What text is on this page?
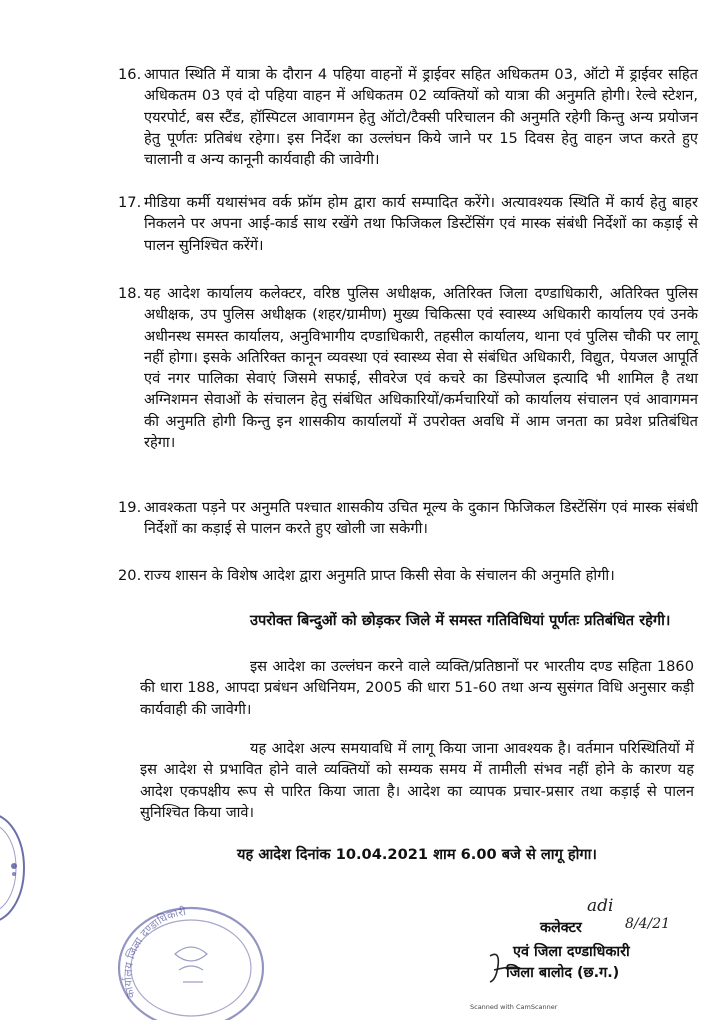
16. आपात स्थिति में यात्रा के दौरान 4 पहिया वाहनों में ड्राईवर सहित अधिकतम 03, ऑटो में ड्राईवर सहित अधिकतम 03 एवं दो पहिया वाहन में अधिकतम 02 व्यक्तियों को यात्रा की अनुमति होगी। रेल्वे स्टेशन, एयरपोर्ट, बस स्टैंड, हॉस्पिटल आवागमन हेतु ऑटो/टैक्सी परिचालन की अनुमति रहेगी किन्तु अन्य प्रयोजन हेतु पूर्णतः प्रतिबंध रहेगा। इस निर्देश का उल्लंघन किये जाने पर 15 दिवस हेतु वाहन जप्त करते हुए चालानी व अन्य कानूनी कार्यवाही की जावेगी।
17. मीडिया कर्मी यथासंभव वर्क फ्रॉम होम द्वारा कार्य सम्पादित करेंगे। अत्यावश्यक स्थिति में कार्य हेतु बाहर निकलने पर अपना आई-कार्ड साथ रखेंगे तथा फिजिकल डिस्टेंसिंग एवं मास्क संबंधी निर्देशों का कड़ाई से पालन सुनिश्चित करेंगें।
18. यह आदेश कार्यालय कलेक्टर, वरिष्ठ पुलिस अधीक्षक, अतिरिक्त जिला दण्डाधिकारी, अतिरिक्त पुलिस अधीक्षक, उप पुलिस अधीक्षक (शहर/ग्रामीण) मुख्य चिकित्सा एवं स्वास्थ्य अधिकारी कार्यालय एवं उनके अधीनस्थ समस्त कार्यालय, अनुविभागीय दण्डाधिकारी, तहसील कार्यालय, थाना एवं पुलिस चौकी पर लागू नहीं होगा। इसके अतिरिक्त कानून व्यवस्था एवं स्वास्थ्य सेवा से संबंधित अधिकारी, विद्युत, पेयजल आपूर्ति एवं नगर पालिका सेवाएं जिसमे सफाई, सीवरेज एवं कचरे का डिस्पोजल इत्यादि भी शामिल है तथा अग्निशमन सेवाओं के संचालन हेतु संबंधित अधिकारियों/कर्मचारियों को कार्यालय संचालन एवं आवागमन की अनुमति होगी किन्तु इन शासकीय कार्यालयों में उपरोक्त अवधि में आम जनता का प्रवेश प्रतिबंधित रहेगा।
19. आवश्कता पड़ने पर अनुमति पश्चात शासकीय उचित मूल्य के दुकान फिजिकल डिस्टेंसिंग एवं मास्क संबंधी निर्देशों का कड़ाई से पालन करते हुए खोली जा सकेगी।
20. राज्य शासन के विशेष आदेश द्वारा अनुमति प्राप्त किसी सेवा के संचालन की अनुमति होगी।
उपरोक्त बिन्दुओं को छोड़कर जिले में समस्त गतिविधियां पूर्णतः प्रतिबंधित रहेगी।
इस आदेश का उल्लंघन करने वाले व्यक्ति/प्रतिष्ठानों पर भारतीय दण्ड सहिता 1860 की धारा 188, आपदा प्रबंधन अधिनियम, 2005 की धारा 51-60 तथा अन्य सुसंगत विधि अनुसार कड़ी कार्यवाही की जावेगी।
यह आदेश अल्प समयावधि में लागू किया जाना आवश्यक है। वर्तमान परिस्थितियों में इस आदेश से प्रभावित होने वाले व्यक्तियों को सम्यक समय में तामीली संभव नहीं होने के कारण यह आदेश एकपक्षीय रूप से पारित किया जाता है। आदेश का व्यापक प्रचार-प्रसार तथा कड़ाई से पालन सुनिश्चित किया जावे।
यह आदेश दिनांक 10.04.2021 शाम 6.00 बजे से लागू होगा।
कार्यालय जिला दण्डाधिकारी	adi
कलेक्टर	8/4/21
एवं जिला दण्डाधिकारी
जिला बालोद (छ.ग.)
Scanned with CamScanner
